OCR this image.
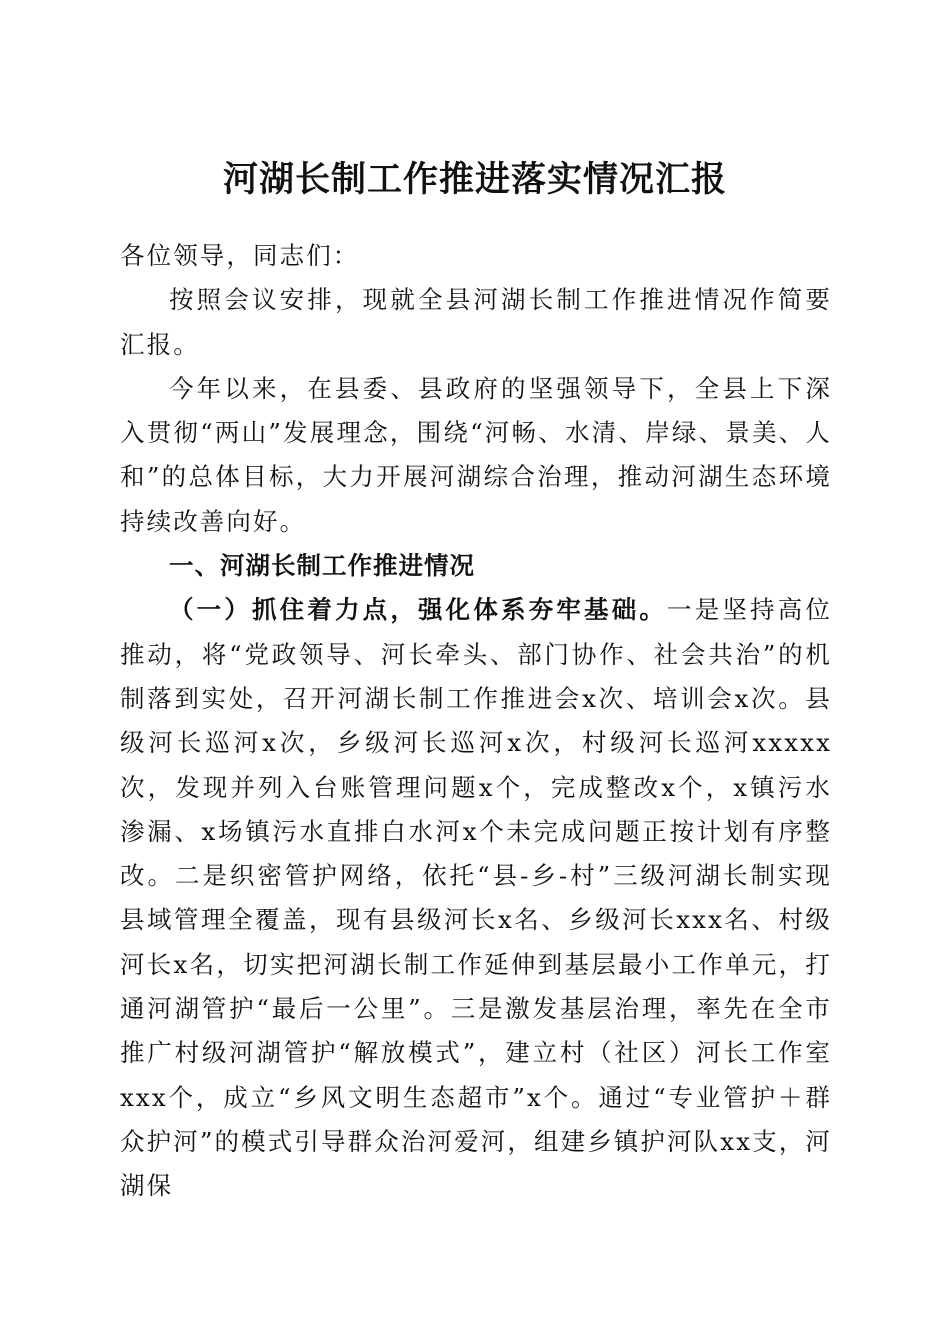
河湖长制工作推进落实情况汇报

各位领导，同志们：

按照会议安排，现就全县河湖长制工作推进情况作简要汇报。

今年以来，在县委、县政府的坚强领导下，全县上下深入贯彻“两山”发展理念，围绕“河畅、水清、岸绿、景美、人和”的总体目标，大力开展河湖综合治理，推动河湖生态环境持续改善向好。

一、河湖长制工作推进情况

（一）抓住着力点，强化体系夯牢基础。一是坚持高位推动，将“党政领导、河长牵头、部门协作、社会共治”的机制落到实处，召开河湖长制工作推进会x次、培训会x次。县级河长巡河x次，乡级河长巡河x次，村级河长巡河xxxxx次，发现并列入台账管理问题x个，完成整改x个，x镇污水渗漏、x场镇污水直排白水河x个未完成问题正按计划有序整改。二是织密管护网络，依托“县-乡-村”三级河湖长制实现县域管理全覆盖，现有县级河长x名、乡级河长xxx名、村级河长x名，切实把河湖长制工作延伸到基层最小工作单元，打通河湖管护“最后一公里”。三是激发基层治理，率先在全市推广村级河湖管护“解放模式”，建立村（社区）河长工作室xxx个，成立“乡风文明生态超市”x个。通过“专业管护＋群众护河”的模式引导群众治河爱河，组建乡镇护河队xx支，河湖保
